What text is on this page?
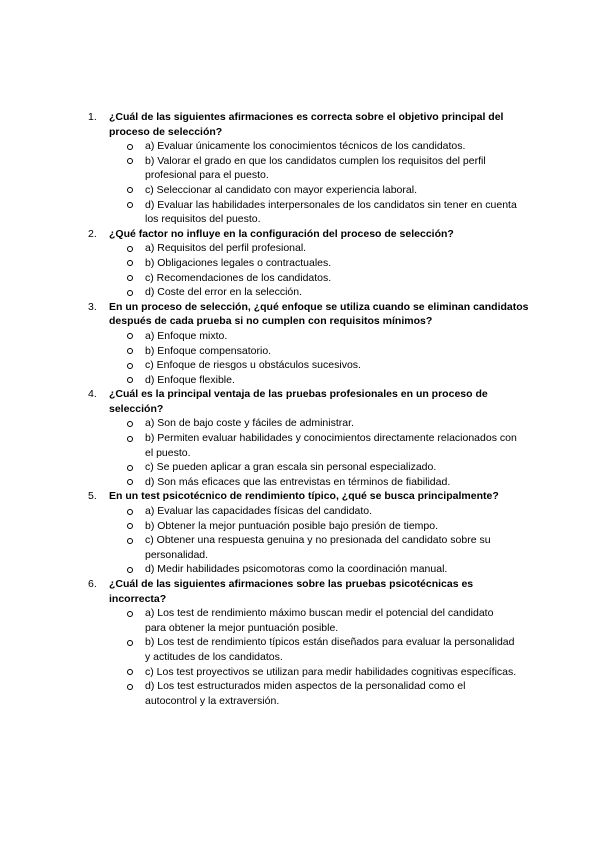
1. ¿Cuál de las siguientes afirmaciones es correcta sobre el objetivo principal del proceso de selección?
a) Evaluar únicamente los conocimientos técnicos de los candidatos.
b) Valorar el grado en que los candidatos cumplen los requisitos del perfil profesional para el puesto.
c) Seleccionar al candidato con mayor experiencia laboral.
d) Evaluar las habilidades interpersonales de los candidatos sin tener en cuenta los requisitos del puesto.
2. ¿Qué factor no influye en la configuración del proceso de selección?
a) Requisitos del perfil profesional.
b) Obligaciones legales o contractuales.
c) Recomendaciones de los candidatos.
d) Coste del error en la selección.
3. En un proceso de selección, ¿qué enfoque se utiliza cuando se eliminan candidatos después de cada prueba si no cumplen con requisitos mínimos?
a) Enfoque mixto.
b) Enfoque compensatorio.
c) Enfoque de riesgos u obstáculos sucesivos.
d) Enfoque flexible.
4. ¿Cuál es la principal ventaja de las pruebas profesionales en un proceso de selección?
a) Son de bajo coste y fáciles de administrar.
b) Permiten evaluar habilidades y conocimientos directamente relacionados con el puesto.
c) Se pueden aplicar a gran escala sin personal especializado.
d) Son más eficaces que las entrevistas en términos de fiabilidad.
5. En un test psicotécnico de rendimiento típico, ¿qué se busca principalmente?
a) Evaluar las capacidades físicas del candidato.
b) Obtener la mejor puntuación posible bajo presión de tiempo.
c) Obtener una respuesta genuina y no presionada del candidato sobre su personalidad.
d) Medir habilidades psicomotoras como la coordinación manual.
6. ¿Cuál de las siguientes afirmaciones sobre las pruebas psicotécnicas es incorrecta?
a) Los test de rendimiento máximo buscan medir el potencial del candidato para obtener la mejor puntuación posible.
b) Los test de rendimiento típicos están diseñados para evaluar la personalidad y actitudes de los candidatos.
c) Los test proyectivos se utilizan para medir habilidades cognitivas específicas.
d) Los test estructurados miden aspectos de la personalidad como el autocontrol y la extraversión.
